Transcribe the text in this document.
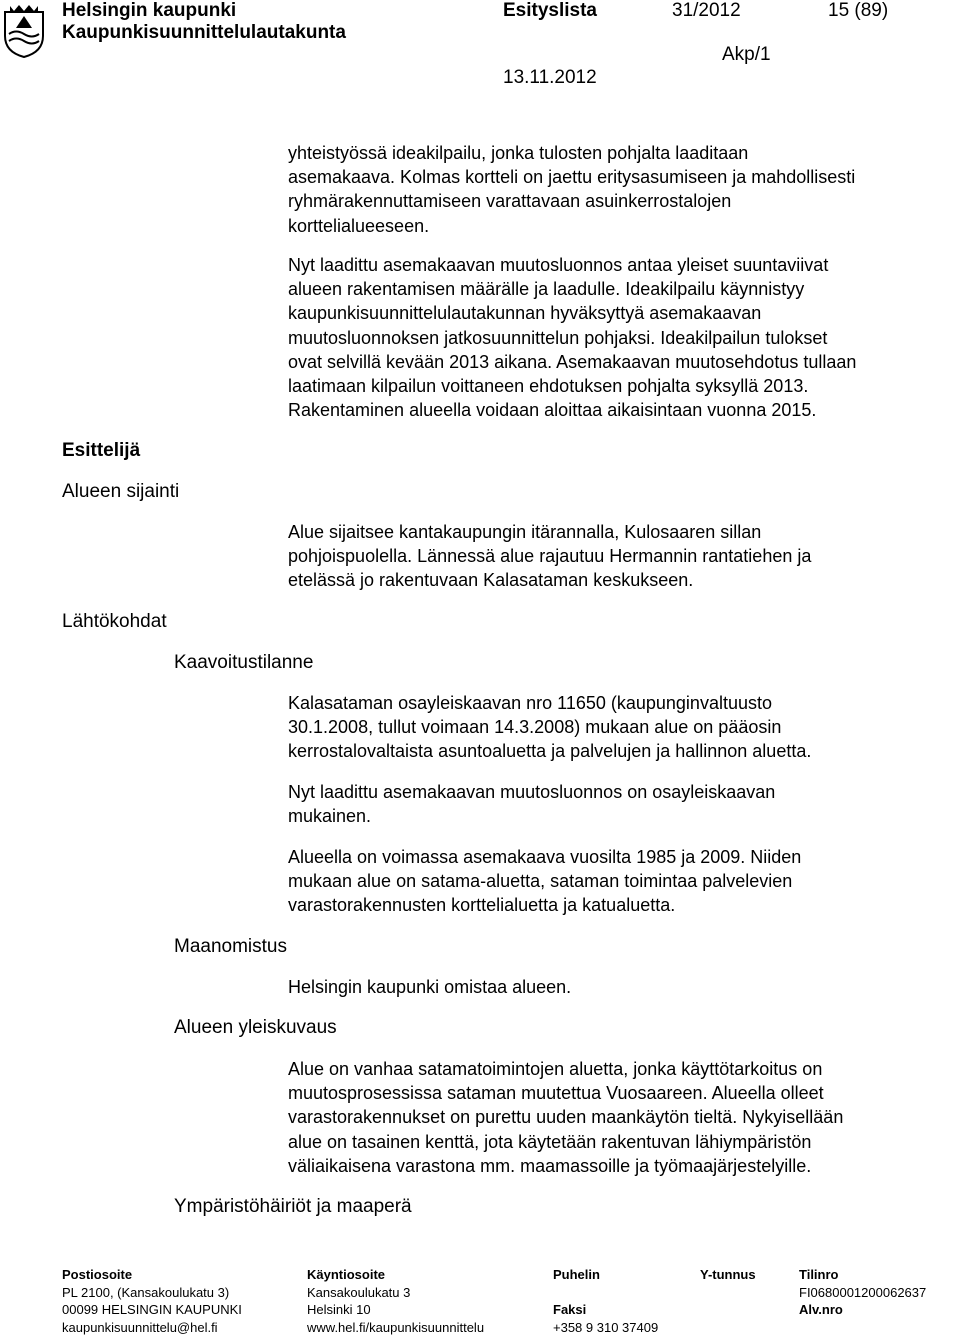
Helsingin kaupunki
Kaupunkisuunnittelulautakunta
Esityslista	31/2012	15 (89)
Akp/1
13.11.2012
Esittelijä
Alueen sijainti
Lähtökohdat
Kaavoitustilanne
Maanomistus
Alueen yleiskuvaus
Ympäristöhäiriöt ja maaperä

yhteistyössä ideakilpailu, jonka tulosten pohjalta laaditaan

asemakaava. Kolmas kortteli on jaettu eritysasumiseen ja mahdollisesti

ryhmärakennuttamiseen varattavaan asuinkerrostalojen

korttelialueeseen.

Nyt laadittu asemakaavan muutosluonnos antaa yleiset suuntaviivat

alueen rakentamisen määrälle ja laadulle. Ideakilpailu käynnistyy

kaupunkisuunnittelulautakunnan hyväksyttyä asemakaavan

muutosluonnoksen jatkosuunnittelun pohjaksi. Ideakilpailun tulokset

ovat selvillä kevään 2013 aikana. Asemakaavan muutosehdotus tullaan

laatimaan kilpailun voittaneen ehdotuksen pohjalta syksyllä 2013.

Rakentaminen alueella voidaan aloittaa aikaisintaan vuonna 2015.

Alue sijaitsee kantakaupungin itärannalla, Kulosaaren sillan

pohjoispuolella. Lännessä alue rajautuu Hermannin rantatiehen ja

etelässä jo rakentuvaan Kalasataman keskukseen.

Kalasataman osayleiskaavan nro 11650 (kaupunginvaltuusto

30.1.2008, tullut voimaan 14.3.2008) mukaan alue on pääosin

kerrostalovaltaista asuntoaluetta ja palvelujen ja hallinnon aluetta.

Nyt laadittu asemakaavan muutosluonnos on osayleiskaavan

mukainen.

Alueella on voimassa asemakaava vuosilta 1985 ja 2009. Niiden

mukaan alue on satama-aluetta, sataman toimintaa palvelevien

varastorakennusten korttelialuetta ja katualuetta.

Helsingin kaupunki omistaa alueen.

Alue on vanhaa satamatoimintojen aluetta, jonka käyttötarkoitus on

muutosprosessissa sataman muutettua Vuosaareen. Alueella olleet

varastorakennukset on purettu uuden maankäytön tieltä. Nykyisellään

alue on tasainen kenttä, jota käytetään rakentuvan lähiympäristön

väliaikaisena varastona mm. maamassoille ja työmaajärjestelyille.

Postiosoite
PL 2100, (Kansakoulukatu 3)
00099 HELSINGIN KAUPUNKI
kaupunkisuunnittelu@hel.fi
Käyntiosoite
Kansakoulukatu 3
Helsinki 10
www.hel.fi/kaupunkisuunnittelu
Puhelin
Faksi
+358 9 310 37409
Y-tunnus	Tilinro
FI0680001200062637
Alv.nro
